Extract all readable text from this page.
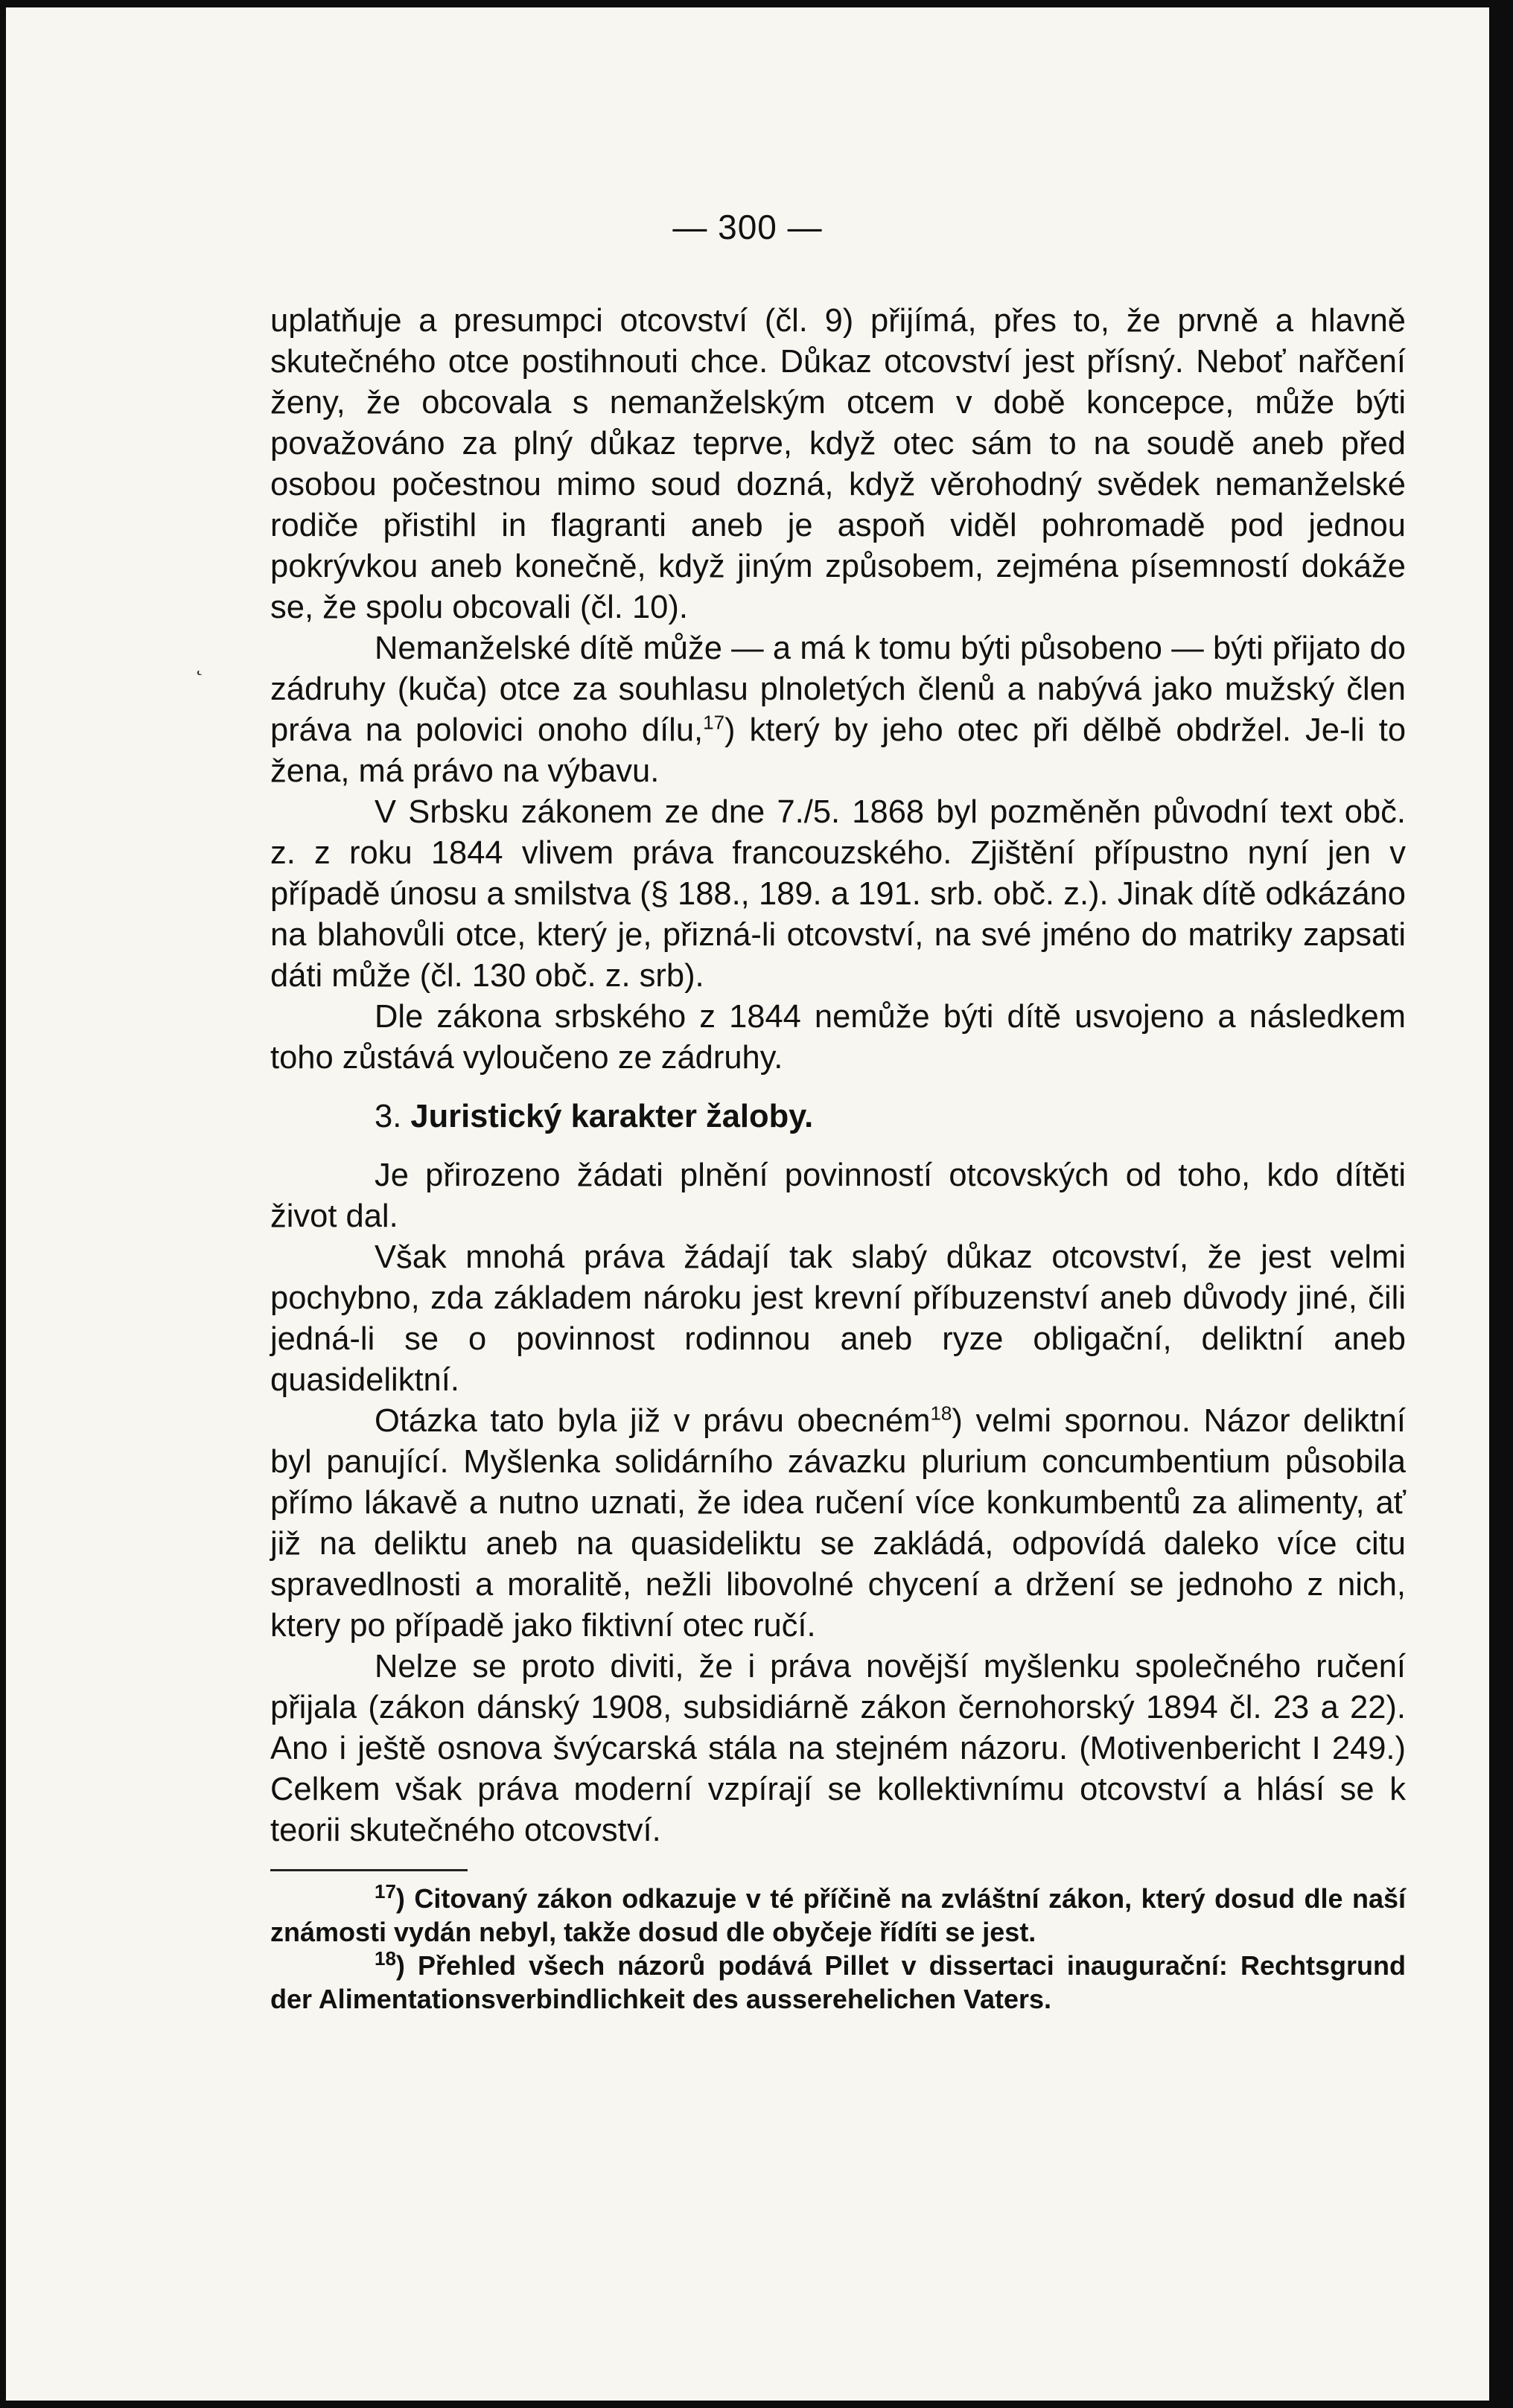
— 300 —
˛

uplatňuje a presumpci otcovství (čl. 9) přijímá, přes to, že prvně a hlavně skutečného otce postihnouti chce. Důkaz otcovství jest přísný. Neboť nařčení ženy, že obcovala s nemanželským otcem v době koncepce, může býti považováno za plný důkaz teprve, když otec sám to na soudě aneb před osobou počestnou mimo soud dozná, když věrohodný svědek nemanželské rodiče přistihl in flagranti aneb je aspoň viděl pohromadě pod jednou pokrývkou aneb konečně, když jiným způsobem, zejména písemností dokáže se, že spolu obcovali (čl. 10).

Nemanželské dítě může — a má k tomu býti působeno — býti přijato do zádruhy (kuča) otce za souhlasu plnoletých členů a nabývá jako mužský člen práva na polovici onoho dílu,$^{17}$) který by jeho otec při dělbě obdržel. Je-li to žena, má právo na výbavu.

V Srbsku zákonem ze dne 7./5. 1868 byl pozměněn původní text obč. z. z roku 1844 vlivem práva francouzského. Zjištění přípustno nyní jen v případě únosu a smilstva (§ 188., 189. a 191. srb. obč. z.). Jinak dítě odkázáno na blahovůli otce, který je, přizná-li otcovství, na své jméno do matriky zapsati dáti může (čl. 130 obč. z. srb).

Dle zákona srbského z 1844 nemůže býti dítě usvojeno a následkem toho zůstává vyloučeno ze zádruhy.

3. Juristický karakter žaloby.

Je přirozeno žádati plnění povinností otcovských od toho, kdo dítěti život dal.

Však mnohá práva žádají tak slabý důkaz otcovství, že jest velmi pochybno, zda základem nároku jest krevní příbuzenství aneb důvody jiné, čili jedná-li se o povinnost rodinnou aneb ryze obligační, deliktní aneb quasideliktní.

Otázka tato byla již v právu obecném$^{18}$) velmi spornou. Názor deliktní byl panující. Myšlenka solidárního závazku plurium concumbentium působila přímo lákavě a nutno uznati, že idea ručení více konkumbentů za alimenty, ať již na deliktu aneb na quasideliktu se zakládá, odpovídá daleko více citu spravedlnosti a moralitě, nežli libovolné chycení a držení se jednoho z nich, ktery po případě jako fiktivní otec ručí.

Nelze se proto diviti, že i práva novější myšlenku společného ručení přijala (zákon dánský 1908, subsidiárně zákon černohorský 1894 čl. 23 a 22). Ano i ještě osnova švýcarská stála na stejném názoru. (Motivenbericht I 249.) Celkem však práva moderní vzpírají se kollektivnímu otcovství a hlásí se k teorii skutečného otcovství.

$^{17}$) Citovaný zákon odkazuje v té příčině na zvláštní zákon, který dosud dle naší známosti vydán nebyl, takže dosud dle obyčeje řídíti se jest.

$^{18}$) Přehled všech názorů podává Pillet v dissertaci inaugurační: Rechtsgrund der Alimentationsverbindlichkeit des ausserehelichen Vaters.
